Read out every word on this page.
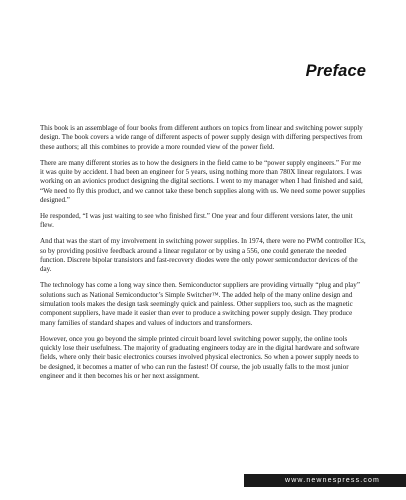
Preface

This book is an assemblage of four books from different authors on topics from linear and switching power supply design. The book covers a wide range of different aspects of power supply design with differing perspectives from these authors; all this combines to provide a more rounded view of the power field.

There are many different stories as to how the designers in the field came to be “power supply engineers.” For me it was quite by accident. I had been an engineer for 5 years, using nothing more than 780X linear regulators. I was working on an avionics product designing the digital sections. I went to my manager when I had finished and said, “We need to fly this product, and we cannot take these bench supplies along with us. We need some power supplies designed.”

He responded, “I was just waiting to see who finished first.” One year and four different versions later, the unit flew.

And that was the start of my involvement in switching power supplies. In 1974, there were no PWM controller ICs, so by providing positive feedback around a linear regulator or by using a 556, one could generate the needed function. Discrete bipolar transistors and fast-recovery diodes were the only power semiconductor devices of the day.

The technology has come a long way since then. Semiconductor suppliers are providing virtually “plug and play” solutions such as National Semiconductor’s Simple Switcher™. The added help of the many online design and simulation tools makes the design task seemingly quick and painless. Other suppliers too, such as the magnetic component suppliers, have made it easier than ever to produce a switching power supply design. They produce many families of standard shapes and values of inductors and transformers.

However, once you go beyond the simple printed circuit board level switching power supply, the online tools quickly lose their usefulness. The majority of graduating engineers today are in the digital hardware and software fields, where only their basic electronics courses involved physical electronics. So when a power supply needs to be designed, it becomes a matter of who can run the fastest! Of course, the job usually falls to the most junior engineer and it then becomes his or her next assignment.

www.newnespress.com
